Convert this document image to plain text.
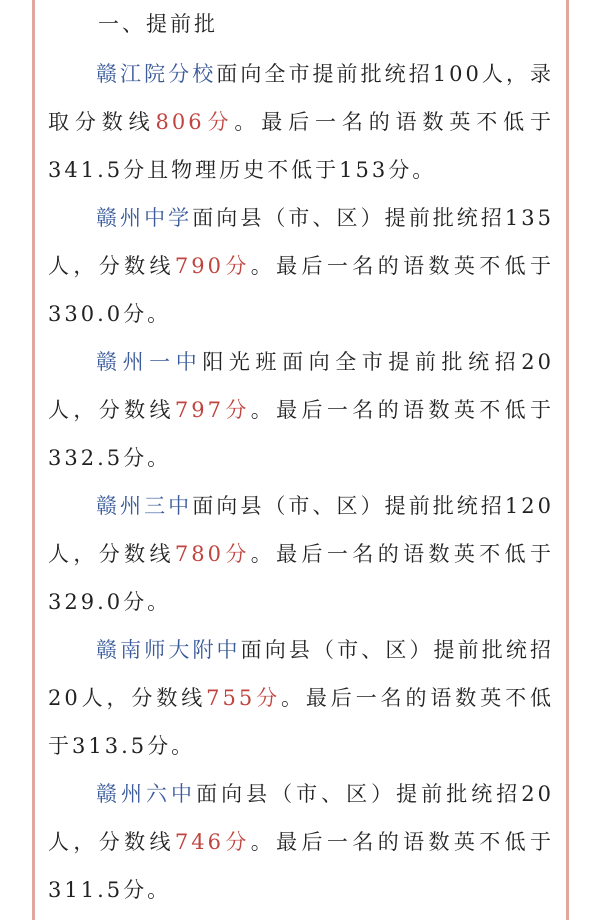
一、提前批

赣江院分校面向全市提前批统招100人，录取分数线806分。最后一名的语数英不低于341.5分且物理历史不低于153分。

赣州中学面向县（市、区）提前批统招135人，分数线790分。最后一名的语数英不低于330.0分。

赣州一中阳光班面向全市提前批统招20人，分数线797分。最后一名的语数英不低于332.5分。

赣州三中面向县（市、区）提前批统招120人，分数线780分。最后一名的语数英不低于329.0分。

赣南师大附中面向县（市、区）提前批统招20人，分数线755分。最后一名的语数英不低于313.5分。

赣州六中面向县（市、区）提前批统招20人，分数线746分。最后一名的语数英不低于311.5分。
